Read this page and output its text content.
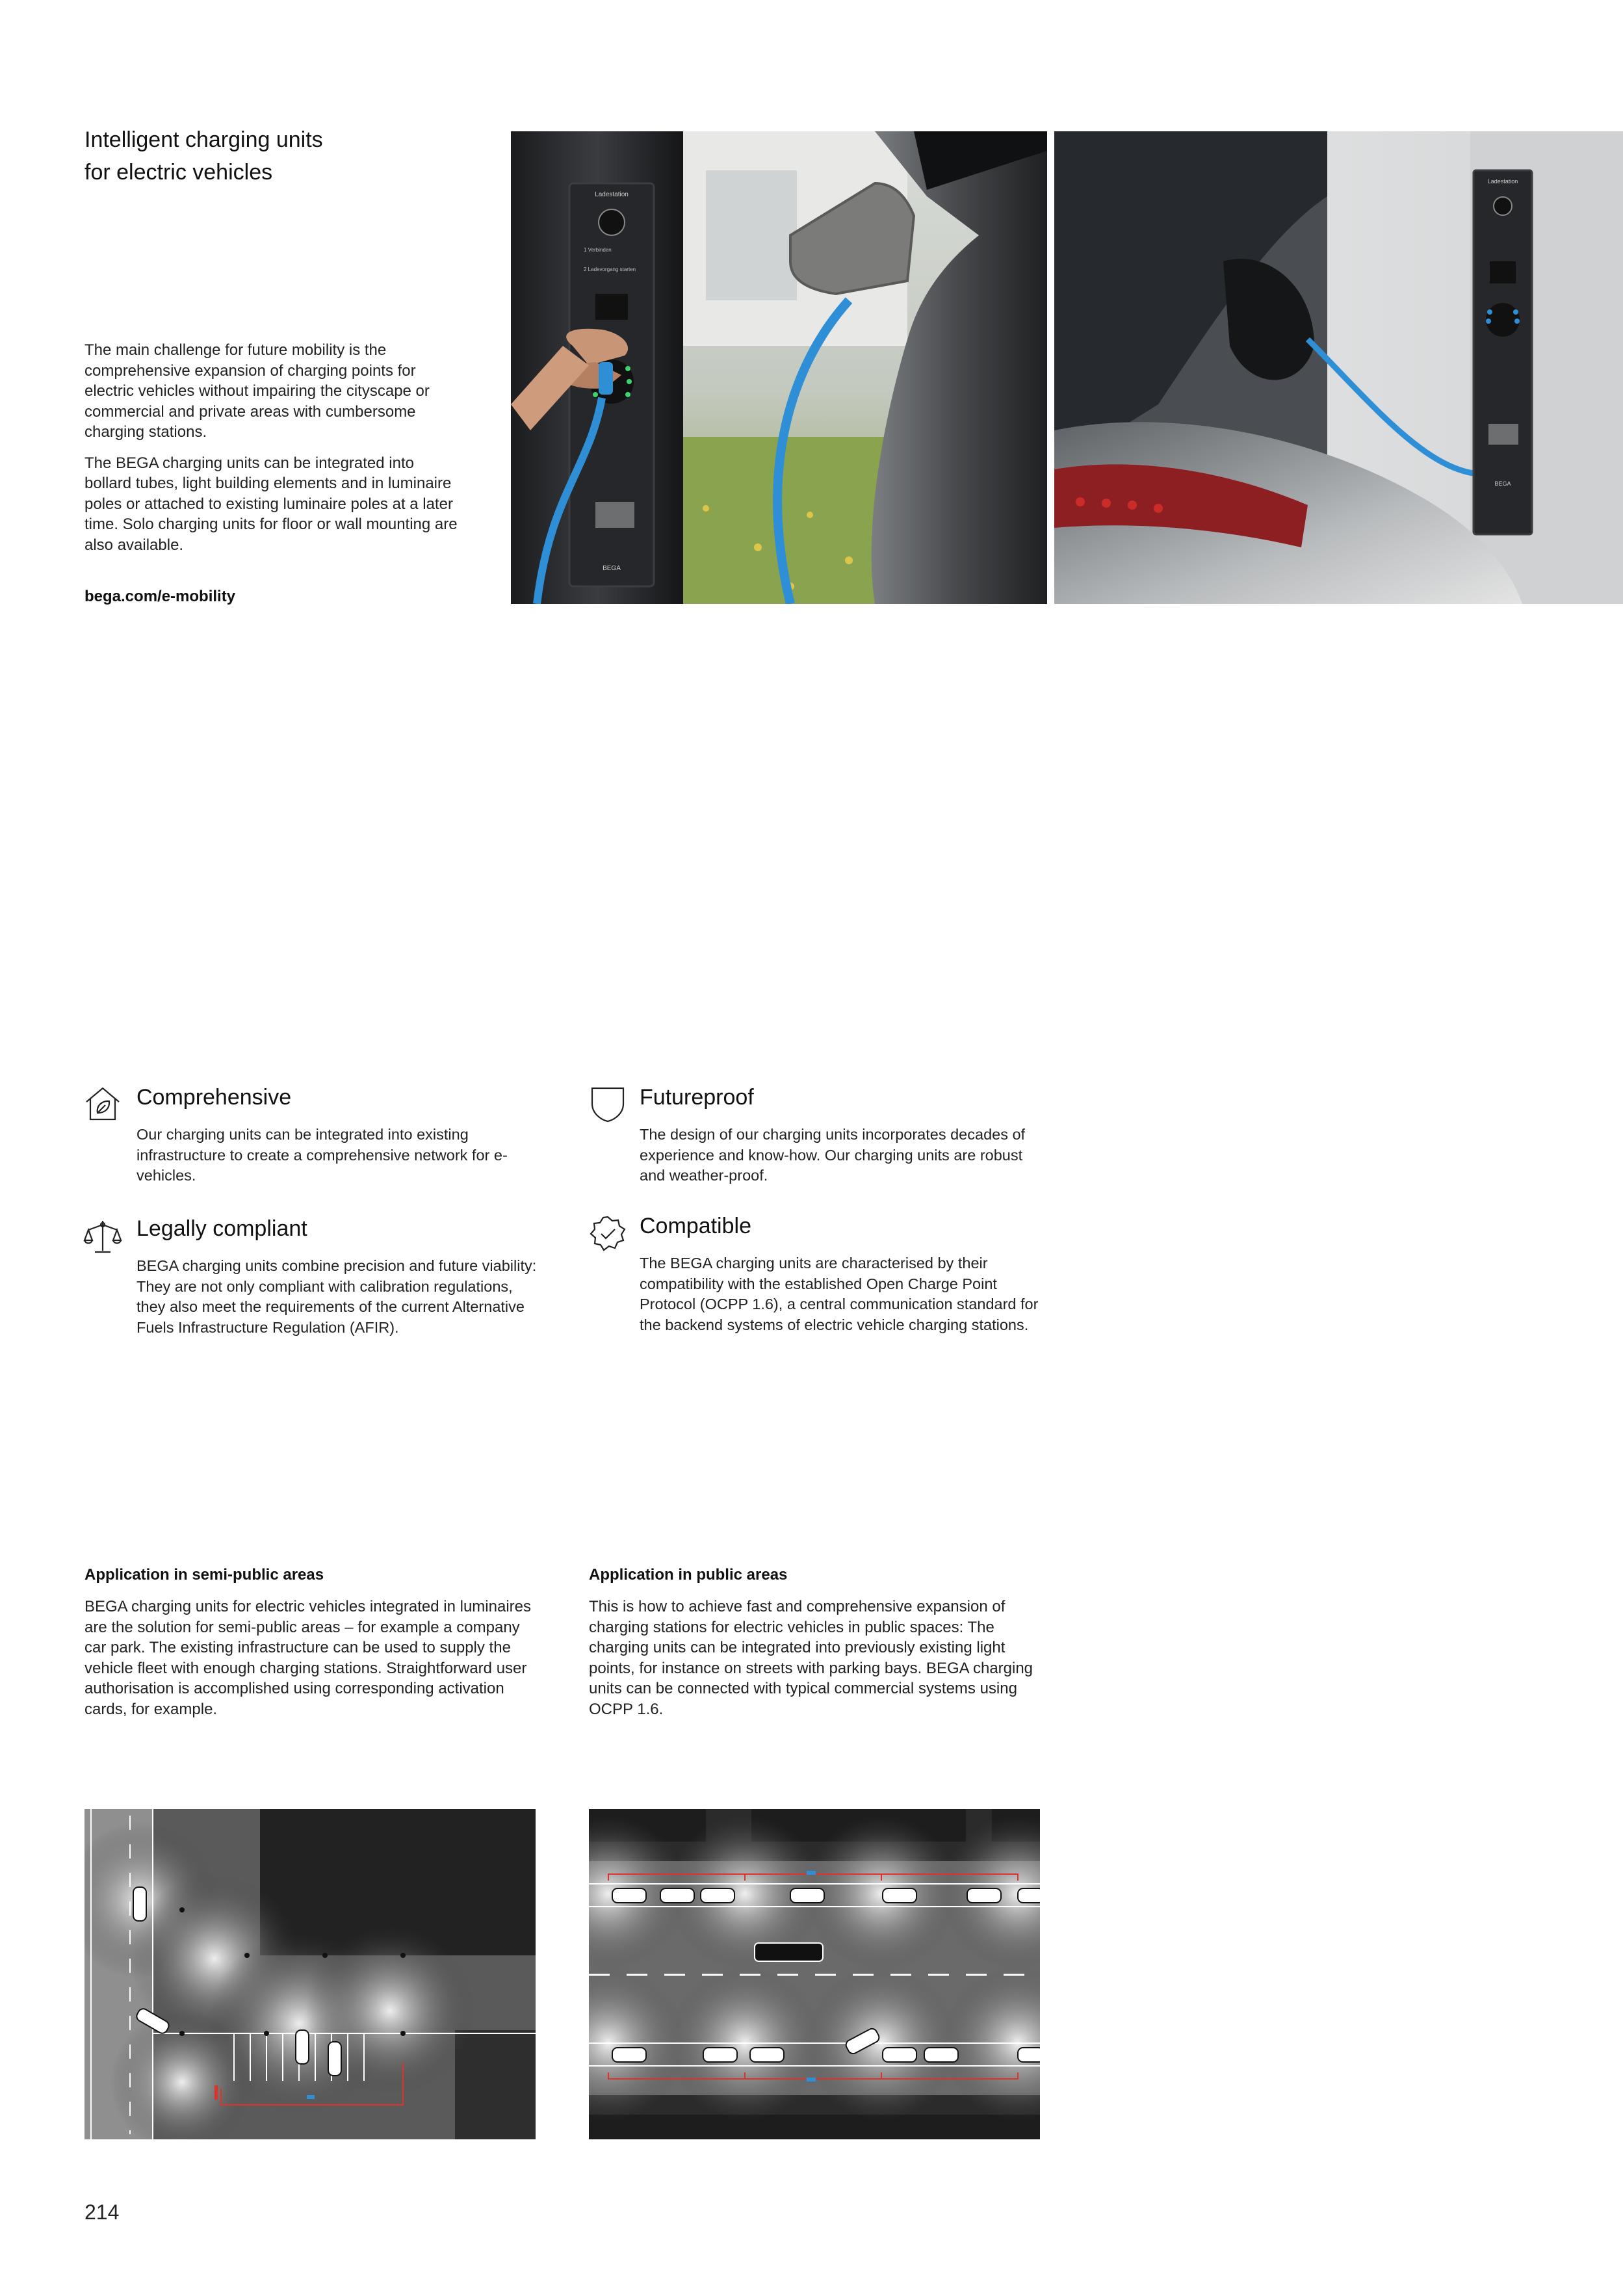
Intelligent charging units
for electric vehicles

The main challenge for future mobility is the comprehensive expansion of charging points for electric vehicles without impairing the cityscape or commercial and private areas with cumbersome charging stations.

The BEGA charging units can be integrated into bollard tubes, light building elements and in luminaire poles or attached to existing luminaire poles at a later time. Solo charging units for floor or wall mounting are also available.

bega.com/e-mobility
Ladestation
1 Verbinden
2 Ladevorgang starten
BEGA
Ladestation
BEGA
Comprehensive

Our charging units can be integrated into existing infrastructure to create a comprehensive network for e-vehicles.

Futureproof

The design of our charging units incorporates decades of experience and know-how. Our charging units are robust and weather-proof.

Legally compliant

BEGA charging units combine precision and future viability: They are not only compliant with calibration regulations, they also meet the requirements of the current Alternative Fuels Infrastructure Regulation (AFIR).

Compatible

The BEGA charging units are characterised by their compatibility with the established Open Charge Point Protocol (OCPP 1.6), a central communication standard for the backend systems of electric vehicle charging stations.

Application in semi-public areas

BEGA charging units for electric vehicles integrated in luminaires are the solution for semi-public areas – for example a company car park. The existing infrastructure can be used to supply the vehicle fleet with enough charging stations. Straightforward user authorisation is accomplished using corresponding activation cards, for example.

Application in public areas

This is how to achieve fast and comprehensive expansion of charging stations for electric vehicles in public spaces: The charging units can be integrated into previously existing light points, for instance on streets with parking bays. BEGA charging units can be connected with typical commercial systems using OCPP 1.6.

214
